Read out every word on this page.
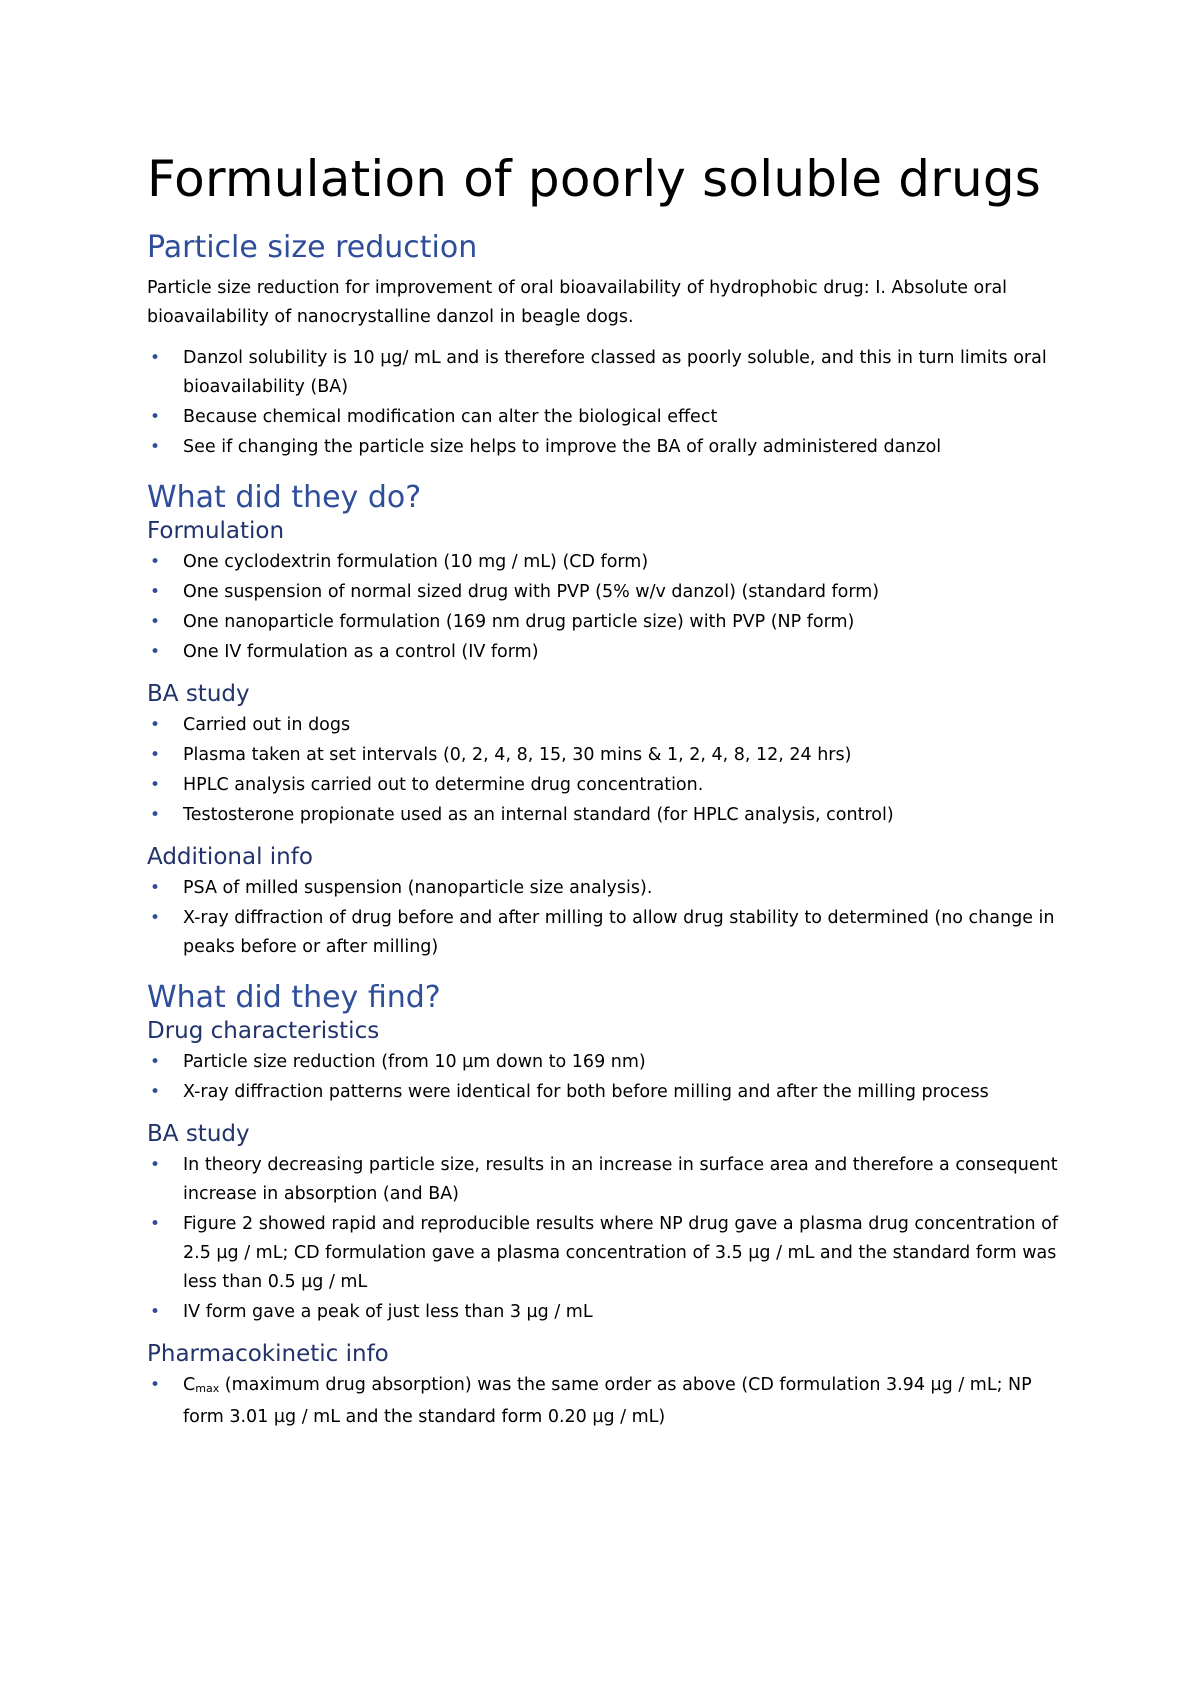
Formulation of poorly soluble drugs
Particle size reduction
Particle size reduction for improvement of oral bioavailability of hydrophobic drug: I. Absolute oral bioavailability of nanocrystalline danzol in beagle dogs.
• Danzol solubility is 10 µg/ mL and is therefore classed as poorly soluble, and this in turn limits oral bioavailability (BA)
• Because chemical modification can alter the biological effect
• See if changing the particle size helps to improve the BA of orally administered danzol
What did they do?
Formulation
• One cyclodextrin formulation (10 mg / mL) (CD form)
• One suspension of normal sized drug with PVP (5% w/v danzol) (standard form)
• One nanoparticle formulation (169 nm drug particle size) with PVP (NP form)
• One IV formulation as a control (IV form)
BA study
• Carried out in dogs
• Plasma taken at set intervals (0, 2, 4, 8, 15, 30 mins & 1, 2, 4, 8, 12, 24 hrs)
• HPLC analysis carried out to determine drug concentration.
• Testosterone propionate used as an internal standard (for HPLC analysis, control)
Additional info
• PSA of milled suspension (nanoparticle size analysis).
• X-ray diffraction of drug before and after milling to allow drug stability to determined (no change in peaks before or after milling)
What did they find?
Drug characteristics
• Particle size reduction (from 10 µm down to 169 nm)
• X-ray diffraction patterns were identical for both before milling and after the milling process
BA study
• In theory decreasing particle size, results in an increase in surface area and therefore a consequent increase in absorption (and BA)
• Figure 2 showed rapid and reproducible results where NP drug gave a plasma drug concentration of 2.5 µg / mL; CD formulation gave a plasma concentration of 3.5 µg / mL and the standard form was less than 0.5 µg / mL
• IV form gave a peak of just less than 3 µg / mL
Pharmacokinetic info
• $C_{max}$ (maximum drug absorption) was the same order as above (CD formulation 3.94 µg / mL; NP form 3.01 µg / mL and the standard form 0.20 µg / mL)
